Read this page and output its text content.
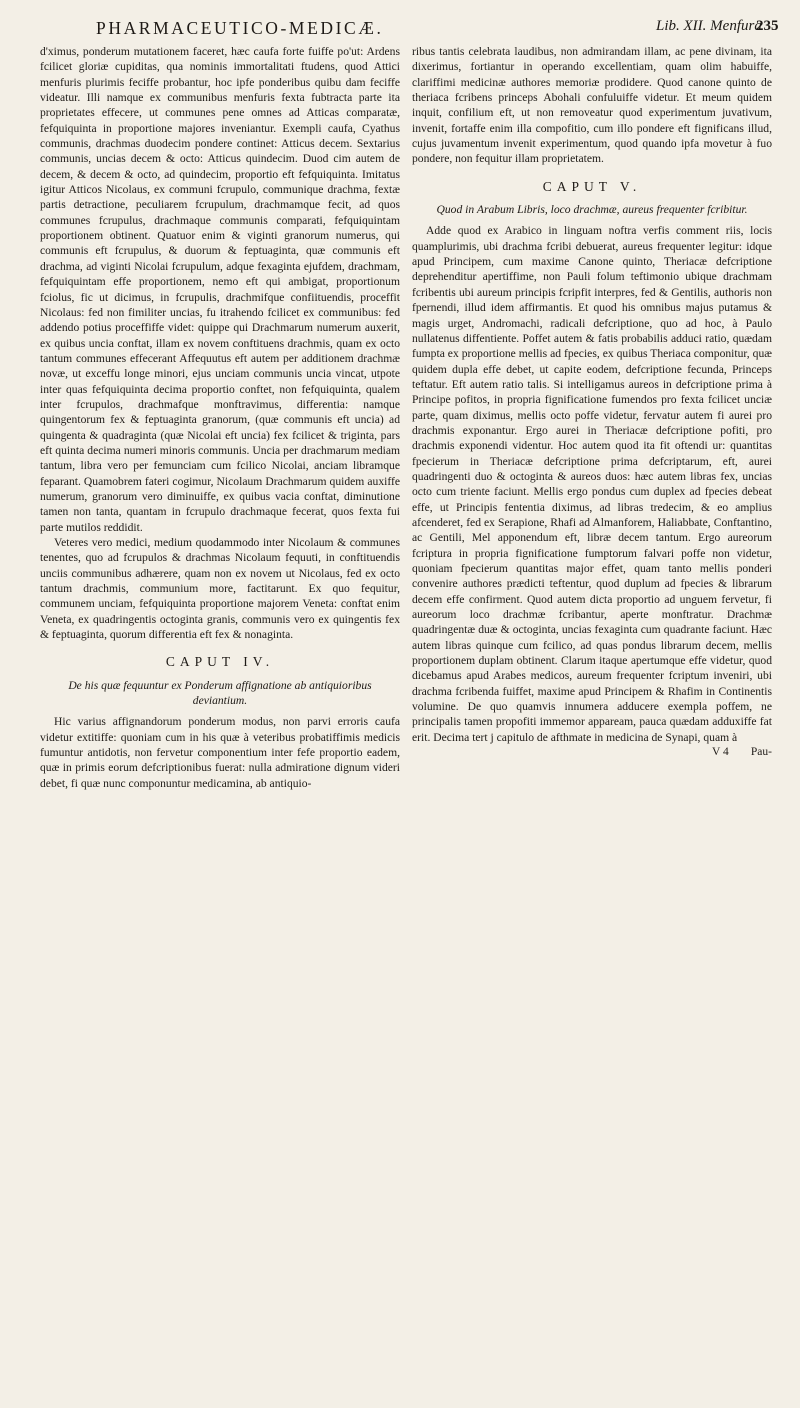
PHARMACEUTICO-MEDICÆ.	Lib. XII. Menfura
235

d'ximus, ponderum mutationem faceret, hæc caufa forte fuiffe po'ut: Ardens fcilicet gloriæ cupiditas, qua nominis immortalitati ftudens, quod Attici menfuris plurimis feciffe probantur, hoc ipfe ponderibus quibu dam feciffe videatur. Illi namque ex communibus menfuris fexta fubtracta parte ita proprietates effecere, ut communes pene omnes ad Atticas comparatæ, fefquiquinta in proportione majores inveniantur. Exempli caufa, Cyathus communis, drachmas duodecim pondere continet: Atticus decem. Sextarius communis, uncias decem & octo: Atticus quindecim. Duod cim autem de decem, & decem & octo, ad quindecim, proportio eft fefquiquinta. Imitatus igitur Atticos Nicolaus, ex communi fcrupulo, communique drachma, fextæ partis detractione, peculiarem fcrupulum, drachmamque fecit, ad quos communes fcrupulus, drachmaque communis comparati, fefquiquintam proportionem obtinent. Quatuor enim & viginti granorum numerus, qui communis eft fcrupulus, & duorum & feptuaginta, quæ communis eft drachma, ad viginti Nicolai fcrupulum, adque fexaginta ejufdem, drachmam, fefquiquintam effe proportionem, nemo eft qui ambigat, proportionum fciolus, fic ut dicimus, in fcrupulis, drachmifque confiituendis, proceffit Nicolaus: fed non fimiliter uncias, fu itrahendo fcilicet ex communibus: fed addendo potius proceffiffe videt: quippe qui Drachmarum numerum auxerit, ex quibus uncia conftat, illam ex novem conftituens drachmis, quam ex octo tantum communes effecerant Affequutus eft autem per additionem drachmæ novæ, ut exceffu longe minori, ejus unciam communis uncia vincat, utpote inter quas fefquiquinta decima proportio conftet, non fefquiquinta, qualem inter fcrupulos, drachmafque monftravimus, differentia: namque quingentorum fex & feptuaginta granorum, (quæ communis eft uncia) ad quingenta & quadraginta (quæ Nicolai eft uncia) fex fcilicet & triginta, pars eft quinta decima numeri minoris communis. Uncia per drachmarum mediam tantum, libra vero per femunciam cum fcilico Nicolai, anciam libramque feparant. Quamobrem fateri cogimur, Nicolaum Drachmarum quidem auxiffe numerum, granorum vero diminuiffe, ex quibus vacia conftat, diminutione tamen non tanta, quantam in fcrupulo drachmaque fecerat, quos fexta fui parte mutilos reddidit.

Veteres vero medici, medium quodammodo inter Nicolaum & communes tenentes, quo ad fcrupulos & drachmas Nicolaum fequuti, in conftituendis unciis communibus adhærere, quam non ex novem ut Nicolaus, fed ex octo tantum drachmis, communium more, factitarunt. Ex quo fequitur, communem unciam, fefquiquinta proportione majorem Veneta: conftat enim Veneta, ex quadringentis octoginta granis, communis vero ex quingentis fex & feptuaginta, quorum differentia eft fex & nonaginta.

CAPUT IV.
De his quæ fequuntur ex Ponderum affignatione ab antiquioribus deviantium.

Hic varius affignandorum ponderum modus, non parvi erroris caufa videtur extitiffe: quoniam cum in his quæ à veteribus probatiffimis medicis fumuntur antidotis, non fervetur componentium inter fefe proportio eadem, quæ in primis eorum defcriptionibus fuerat: nulla admiratione dignum videri debet, fi quæ nunc componuntur medicamina, ab antiquio-

ribus tantis celebrata laudibus, non admirandam illam, ac pene divinam, ita dixerimus, fortiantur in operando excellentiam, quam olim habuiffe, clariffimi medicinæ authores memoriæ prodidere. Quod canone quinto de theriaca fcribens princeps Abohali confuluiffe videtur. Et meum quidem inquit, confilium eft, ut non removeatur quod experimentum juvativum, invenit, fortaffe enim illa compofitio, cum illo pondere eft fignificans illud, cujus juvamentum invenit experimentum, quod quando ipfa movetur à fuo pondere, non fequitur illam proprietatem.

CAPUT V.
Quod in Arabum Libris, loco drachmæ, aureus frequenter fcribitur.

Adde quod ex Arabico in linguam noftra verfis comment riis, locis quamplurimis, ubi drachma fcribi debuerat, aureus frequenter legitur: idque apud Principem, cum maxime Canone quinto, Theriacæ defcriptione deprehenditur apertiffime, non Pauli folum teftimonio ubique drachmam fcribentis ubi aureum principis fcripfit interpres, fed & Gentilis, authoris non fpernendi, illud idem affirmantis. Et quod his omnibus majus putamus & magis urget, Andromachi, radicali defcriptione, quo ad hoc, à Paulo nullatenus diffentiente. Poffet autem & fatis probabilis adduci ratio, quædam fumpta ex proportione mellis ad fpecies, ex quibus Theriaca componitur, quæ quidem dupla effe debet, ut capite eodem, defcriptione fecunda, Princeps teftatur. Eft autem ratio talis. Si intelligamus aureos in defcriptione prima à Principe pofitos, in propria fignificatione fumendos pro fexta fcilicet unciæ parte, quam diximus, mellis octo poffe videtur, fervatur autem fi aurei pro drachmis exponantur. Ergo aurei in Theriacæ defcriptione pofiti, pro drachmis exponendi videntur. Hoc autem quod ita fit oftendi ur: quantitas fpecierum in Theriacæ defcriptione prima defcriptarum, eft, aurei quadringenti duo & octoginta & aureos duos: hæc autem libras fex, uncias octo cum triente faciunt. Mellis ergo pondus cum duplex ad fpecies debeat effe, ut Principis fententia diximus, ad libras tredecim, & eo amplius afcenderet, fed ex Serapione, Rhafi ad Almanforem, Haliabbate, Conftantino, ac Gentili, Mel apponendum eft, libræ decem tantum. Ergo aureorum fcriptura in propria fignificatione fumptorum falvari poffe non videtur, quoniam fpecierum quantitas major effet, quam tanto mellis ponderi convenire authores prædicti teftentur, quod duplum ad fpecies & librarum decem effe confirment. Quod autem dicta proportio ad unguem fervetur, fi aureorum loco drachmæ fcribantur, aperte monftratur. Drachmæ quadringentæ duæ & octoginta, uncias fexaginta cum quadrante faciunt. Hæc autem libras quinque cum fcilico, ad quas pondus librarum decem, mellis proportionem duplam obtinent. Clarum itaque apertumque effe videtur, quod dicebamus apud Arabes medicos, aureum frequenter fcriptum inveniri, ubi drachma fcribenda fuiffet, maxime apud Principem & Rhafim in Continentis volumine. De quo quamvis innumera adducere exempla poffem, ne principalis tamen propofiti immemor appaream, pauca quædam adduxiffe fat erit. Decima tert j capitulo de afthmate in medicina de Synapi, quam à

V 4 Pau-
